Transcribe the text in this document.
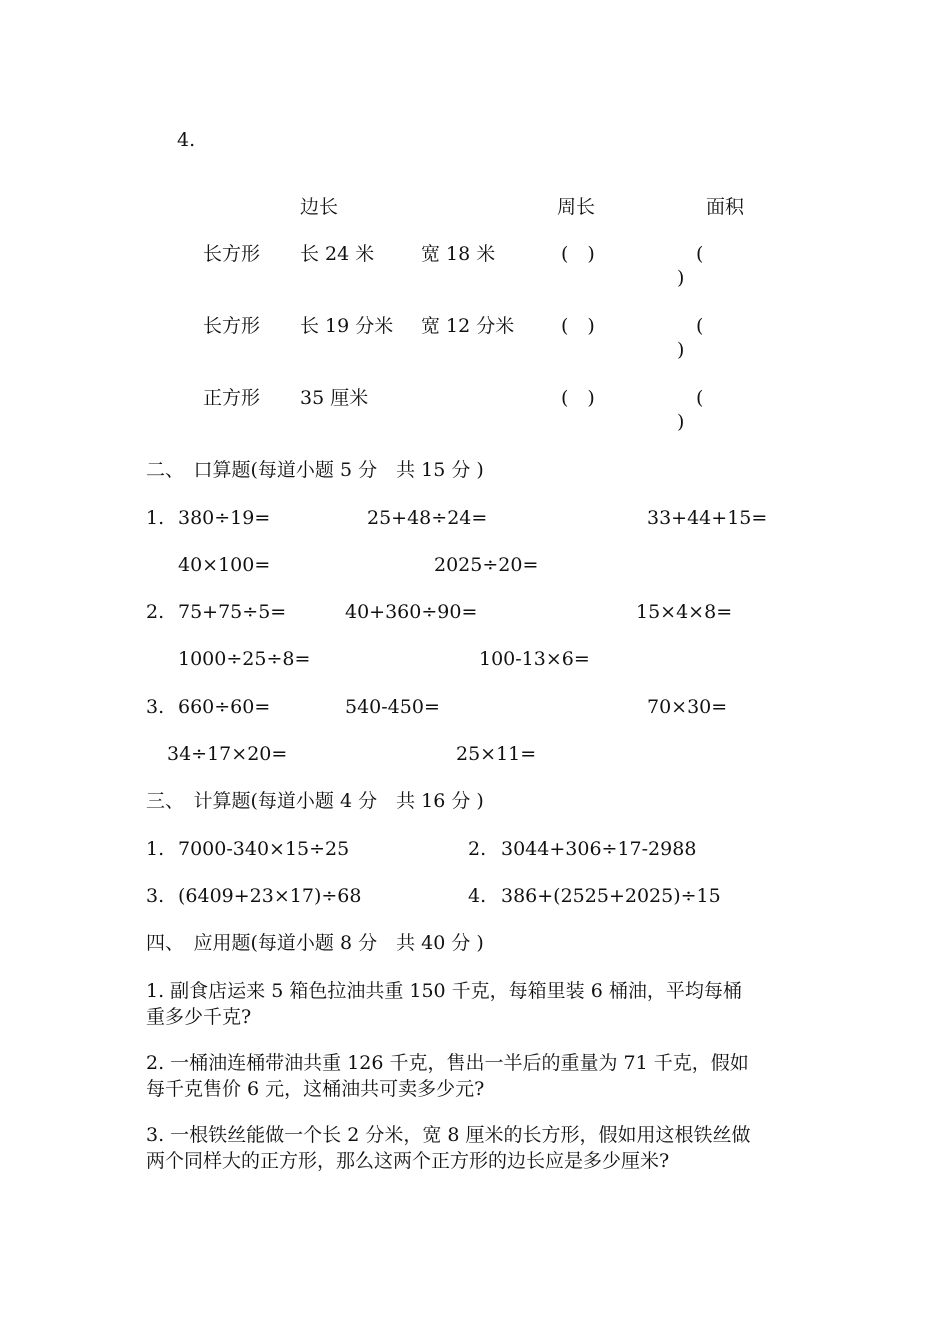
4.
边长	周长	面积
长方形 长 24 米 宽 18 米	(　)	(
)
长方形 长 19 分米 宽 12 分米 (　)	(
)
正方形 35 厘米	(　)	(
)
二、　口算题(每道小题 5 分　共 15 分 )
1. 380÷19=	25+48÷24=	33+44+15=
40×100=	2025÷20=
2. 75+75÷5=	40+360÷90=	15×4×8=
1000÷25÷8=	100-13×6=
3. 660÷60=	540-450=	70×30=
34÷17×20=	25×11=
三、　计算题(每道小题 4 分　共 16 分 )
1. 7000-340×15÷25	2. 3044+306÷17-2988
3. (6409+23×17)÷68	4. 386+(2525+2025)÷15
四、　应用题(每道小题 8 分　共 40 分 )
1. 副食店运来 5 箱色拉油共重 150 千克，每箱里装 6 桶油，平均每桶重多少千克?
2. 一桶油连桶带油共重 126 千克，售出一半后的重量为 71 千克，假如每千克售价 6 元，这桶油共可卖多少元?
3. 一根铁丝能做一个长 2 分米，宽 8 厘米的长方形，假如用这根铁丝做两个同样大的正方形，那么这两个正方形的边长应是多少厘米?
